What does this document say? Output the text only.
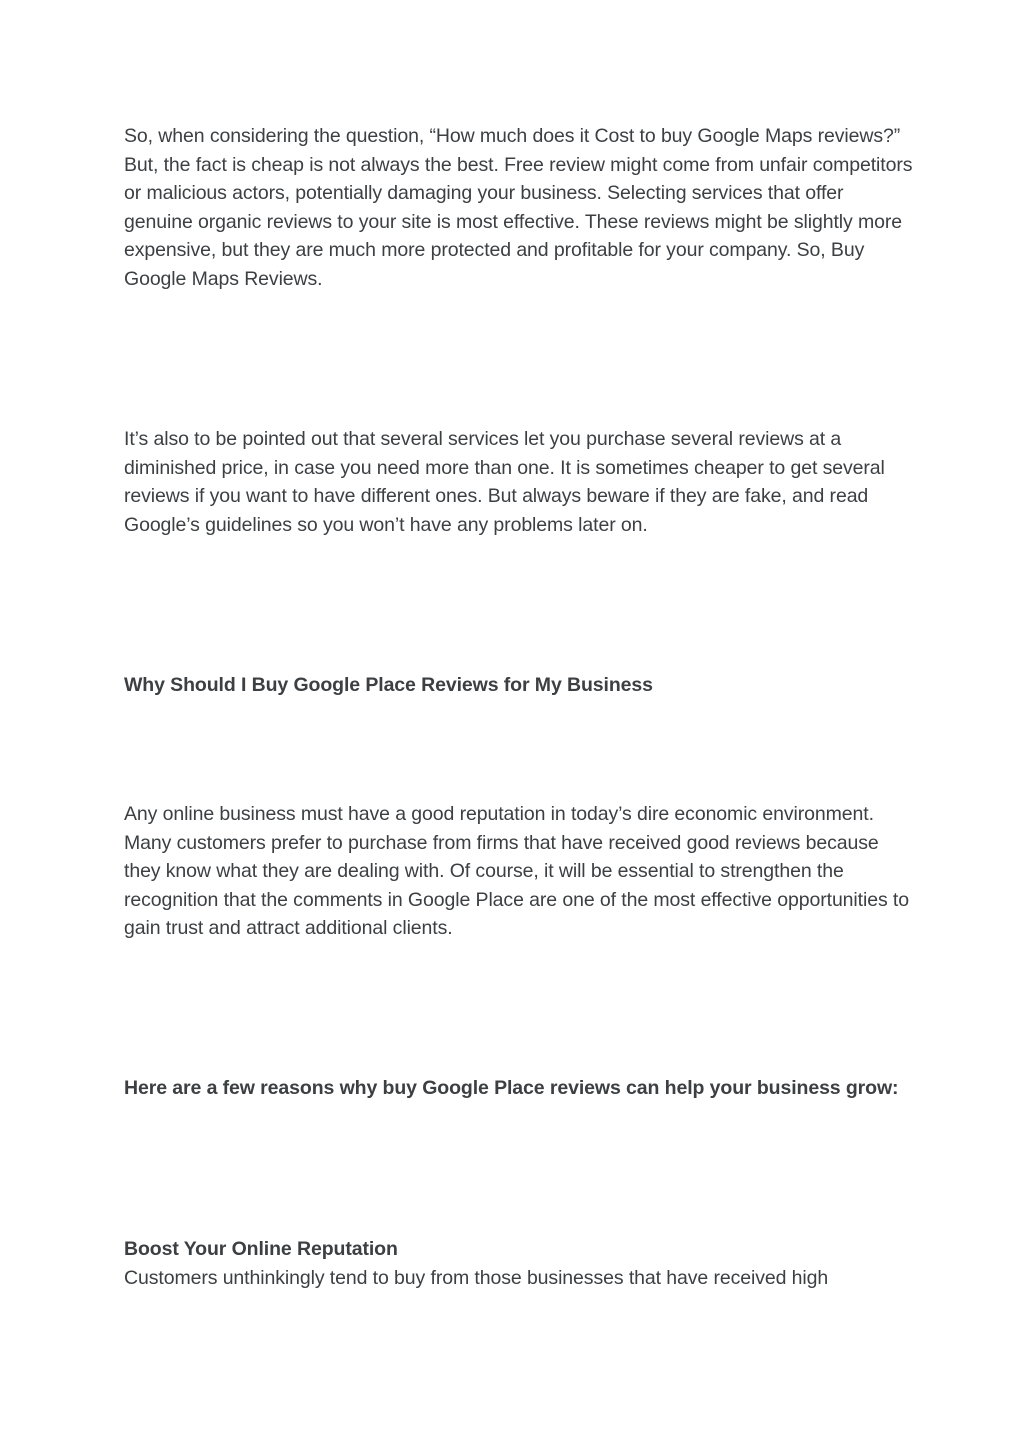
So, when considering the question, “How much does it Cost to buy Google Maps reviews?” But, the fact is cheap is not always the best. Free review might come from unfair competitors or malicious actors, potentially damaging your business. Selecting services that offer genuine organic reviews to your site is most effective. These reviews might be slightly more expensive, but they are much more protected and profitable for your company. So, Buy Google Maps Reviews.

It’s also to be pointed out that several services let you purchase several reviews at a diminished price, in case you need more than one. It is sometimes cheaper to get several reviews if you want to have different ones. But always beware if they are fake, and read Google’s guidelines so you won’t have any problems later on.

Why Should I Buy Google Place Reviews for My Business

Any online business must have a good reputation in today’s dire economic environment. Many customers prefer to purchase from firms that have received good reviews because they know what they are dealing with. Of course, it will be essential to strengthen the recognition that the comments in Google Place are one of the most effective opportunities to gain trust and attract additional clients.

Here are a few reasons why buy Google Place reviews can help your business grow:

Boost Your Online Reputation

Customers unthinkingly tend to buy from those businesses that have received high
